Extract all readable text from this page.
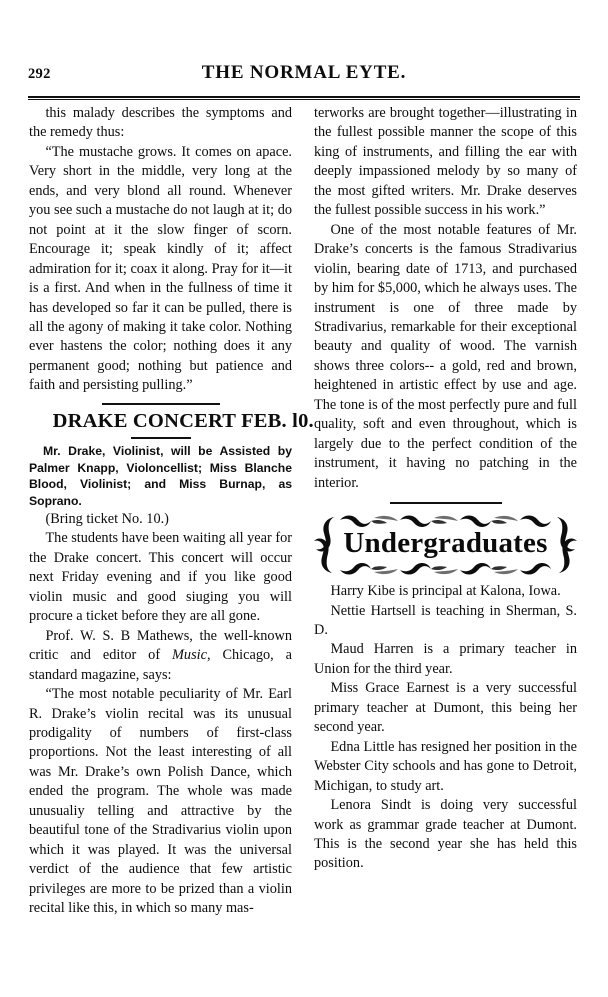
292	THE NORMAL EYTE.

this malady describes the symptoms and the remedy thus:

“The mustache grows. It comes on apace. Very short in the middle, very long at the ends, and very blond all round. Whenever you see such a mustache do not laugh at it; do not point at it the slow finger of scorn. Encourage it; speak kindly of it; affect admiration for it; coax it along. Pray for it—it is a first. And when in the fullness of time it has developed so far it can be pulled, there is all the agony of making it take color. Nothing ever hastens the color; nothing does it any permanent good; nothing but patience and faith and persisting pulling.”

DRAKE CONCERT FEB. l0.

Mr. Drake, Violinist, will be Assisted by Palmer Knapp, Violoncellist; Miss Blanche Blood, Violinist; and Miss Burnap, as Soprano.

(Bring ticket No. 10.)

The students have been waiting all year for the Drake concert. This concert will occur next Friday evening and if you like good violin music and good siuging you will procure a ticket before they are all gone.

Prof. W. S. B Mathews, the well-known critic and editor of Music, Chicago, a standard magazine, says:

“The most notable peculiarity of Mr. Earl R. Drake’s violin recital was its unusual prodigality of numbers of first-class proportions. Not the least interesting of all was Mr. Drake’s own Polish Dance, which ended the program. The whole was made unusualiy telling and attractive by the beautiful tone of the Stradivarius violin upon which it was played. It was the universal verdict of the audience that few artistic privileges are more to be prized than a violin recital like this, in which so many mas-

terworks are brought together—illustrating in the fullest possible manner the scope of this king of instruments, and filling the ear with deeply impassioned melody by so many of the most gifted writers. Mr. Drake deserves the fullest possible success in his work.”

One of the most notable features of Mr. Drake’s concerts is the famous Stradivarius violin, bearing date of 1713, and purchased by him for $5,000, which he always uses. The instrument is one of three made by Stradivarius, remarkable for their exceptional beauty and quality of wood. The varnish shows three colors-- a gold, red and brown, heightened in artistic effect by use and age. The tone is of the most perfectly pure and full quality, soft and even throughout, which is largely due to the perfect condition of the instrument, it having no patching in the interior.

Undergraduates

Harry Kibe is principal at Kalona, Iowa.

Nettie Hartsell is teaching in Sherman, S. D.

Maud Harren is a primary teacher in Union for the third year.

Miss Grace Earnest is a very successful primary teacher at Dumont, this being her second year.

Edna Little has resigned her position in the Webster City schools and has gone to Detroit, Michigan, to study art.

Lenora Sindt is doing very successful work as grammar grade teacher at Dumont. This is the second year she has held this position.
